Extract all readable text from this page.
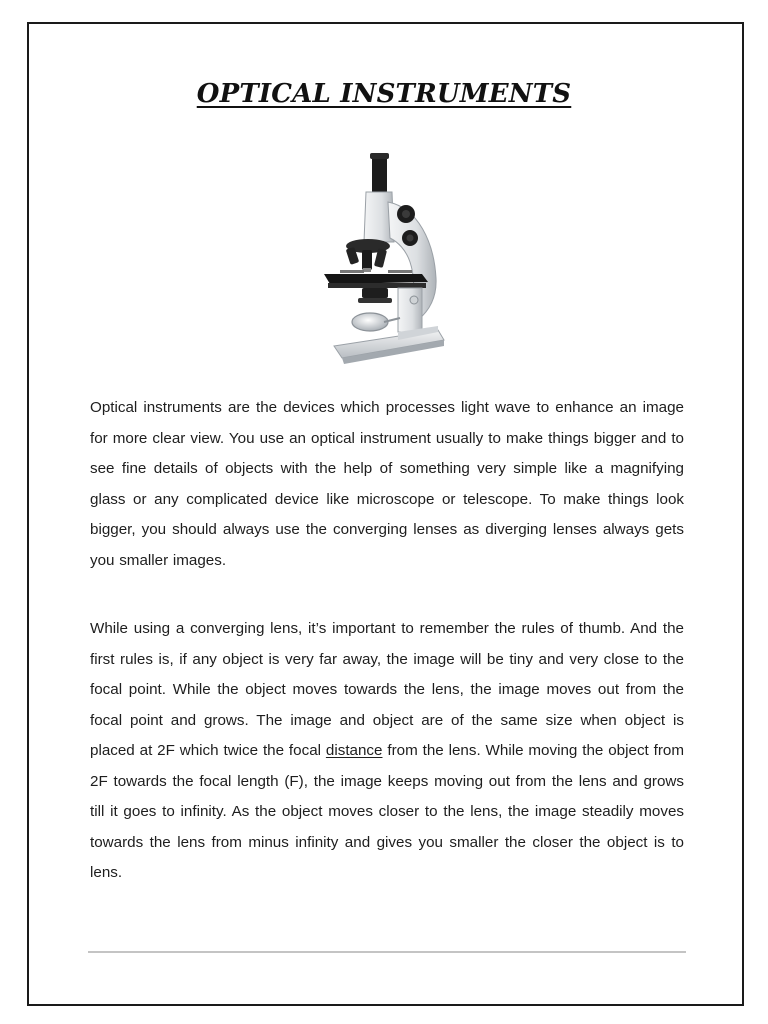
OPTICAL INSTRUMENTS

Optical instruments are the devices which processes light wave to enhance an image for more clear view. You use an optical instrument usually to make things bigger and to see fine details of objects with the help of something very simple like a magnifying glass or any complicated device like microscope or telescope. To make things look bigger, you should always use the converging lenses as diverging lenses always gets you smaller images.

While using a converging lens, it’s important to remember the rules of thumb. And the first rules is, if any object is very far away, the image will be tiny and very close to the focal point. While the object moves towards the lens, the image moves out from the focal point and grows. The image and object are of the same size when object is placed at 2F which twice the focal distance from the lens. While moving the object from 2F towards the focal length (F), the image keeps moving out from the lens and grows till it goes to infinity. As the object moves closer to the lens, the image steadily moves towards the lens from minus infinity and gives you smaller the closer the object is to lens.
